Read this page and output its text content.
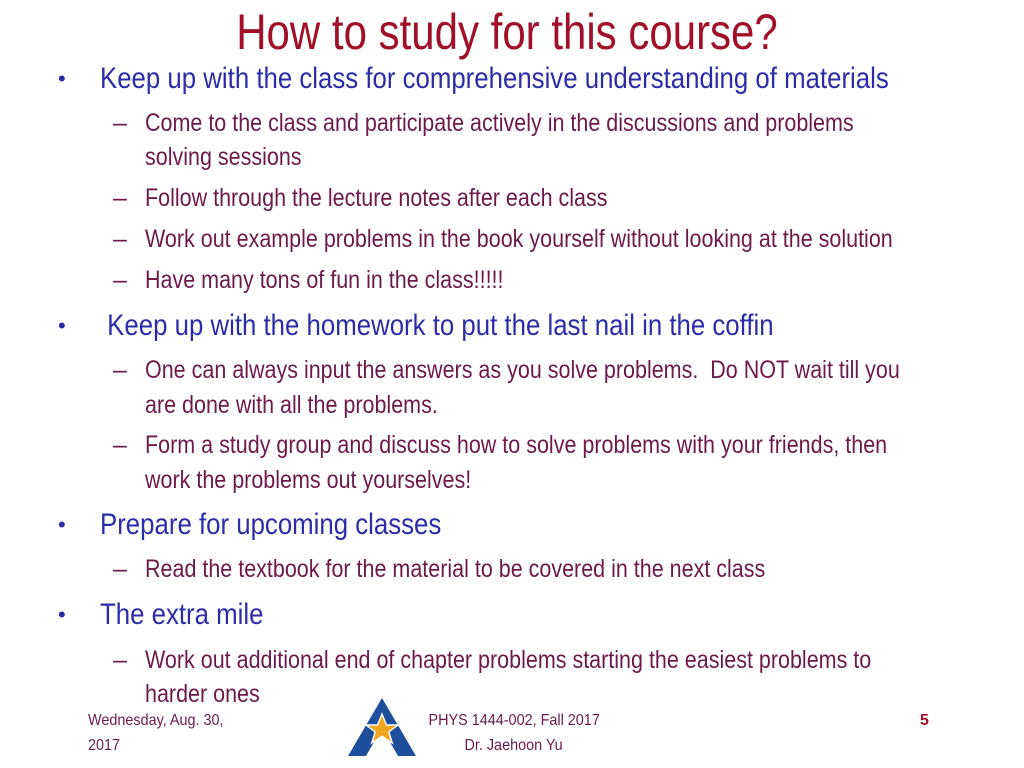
How to study for this course?
• Keep up with the class for comprehensive understanding of materials
– Come to the class and participate actively in the discussions and problems
solving sessions
– Follow through the lecture notes after each class
– Work out example problems in the book yourself without looking at the solution
– Have many tons of fun in the class!!!!!
• Keep up with the homework to put the last nail in the coffin
– One can always input the answers as you solve problems.  Do NOT wait till you
are done with all the problems.
– Form a study group and discuss how to solve problems with your friends, then
work the problems out yourselves!
• Prepare for upcoming classes
– Read the textbook for the material to be covered in the next class
• The extra mile
– Work out additional end of chapter problems starting the easiest problems to
harder ones
Wednesday, Aug. 30,
2017
PHYS 1444-002, Fall 2017
Dr. Jaehoon Yu
5
